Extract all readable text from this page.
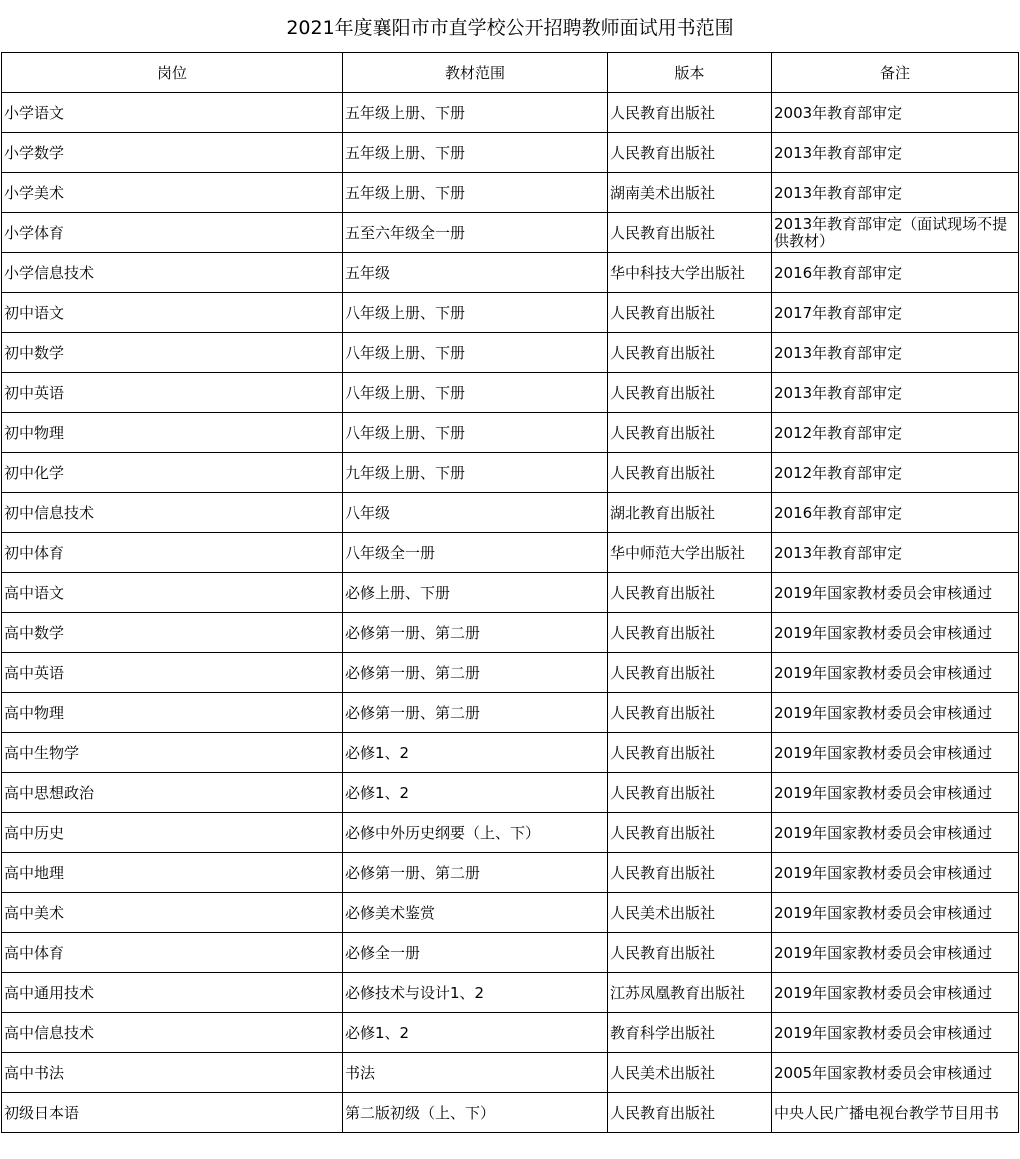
2021年度襄阳市市直学校公开招聘教师面试用书范围
岗位	教材范围	版本	备注
小学语文	五年级上册、下册	人民教育出版社	2003年教育部审定
小学数学	五年级上册、下册	人民教育出版社	2013年教育部审定
小学美术	五年级上册、下册	湖南美术出版社	2013年教育部审定
小学体育	五至六年级全一册	人民教育出版社	2013年教育部审定（面试现场不提供教材）
小学信息技术	五年级	华中科技大学出版社	2016年教育部审定
初中语文	八年级上册、下册	人民教育出版社	2017年教育部审定
初中数学	八年级上册、下册	人民教育出版社	2013年教育部审定
初中英语	八年级上册、下册	人民教育出版社	2013年教育部审定
初中物理	八年级上册、下册	人民教育出版社	2012年教育部审定
初中化学	九年级上册、下册	人民教育出版社	2012年教育部审定
初中信息技术	八年级	湖北教育出版社	2016年教育部审定
初中体育	八年级全一册	华中师范大学出版社	2013年教育部审定
高中语文	必修上册、下册	人民教育出版社	2019年国家教材委员会审核通过
高中数学	必修第一册、第二册	人民教育出版社	2019年国家教材委员会审核通过
高中英语	必修第一册、第二册	人民教育出版社	2019年国家教材委员会审核通过
高中物理	必修第一册、第二册	人民教育出版社	2019年国家教材委员会审核通过
高中生物学	必修1、2	人民教育出版社	2019年国家教材委员会审核通过
高中思想政治	必修1、2	人民教育出版社	2019年国家教材委员会审核通过
高中历史	必修中外历史纲要（上、下）	人民教育出版社	2019年国家教材委员会审核通过
高中地理	必修第一册、第二册	人民教育出版社	2019年国家教材委员会审核通过
高中美术	必修美术鉴赏	人民美术出版社	2019年国家教材委员会审核通过
高中体育	必修全一册	人民教育出版社	2019年国家教材委员会审核通过
高中通用技术	必修技术与设计1、2	江苏凤凰教育出版社	2019年国家教材委员会审核通过
高中信息技术	必修1、2	教育科学出版社	2019年国家教材委员会审核通过
高中书法	书法	人民美术出版社	2005年国家教材委员会审核通过
初级日本语	第二版初级（上、下）	人民教育出版社	中央人民广播电视台教学节目用书
